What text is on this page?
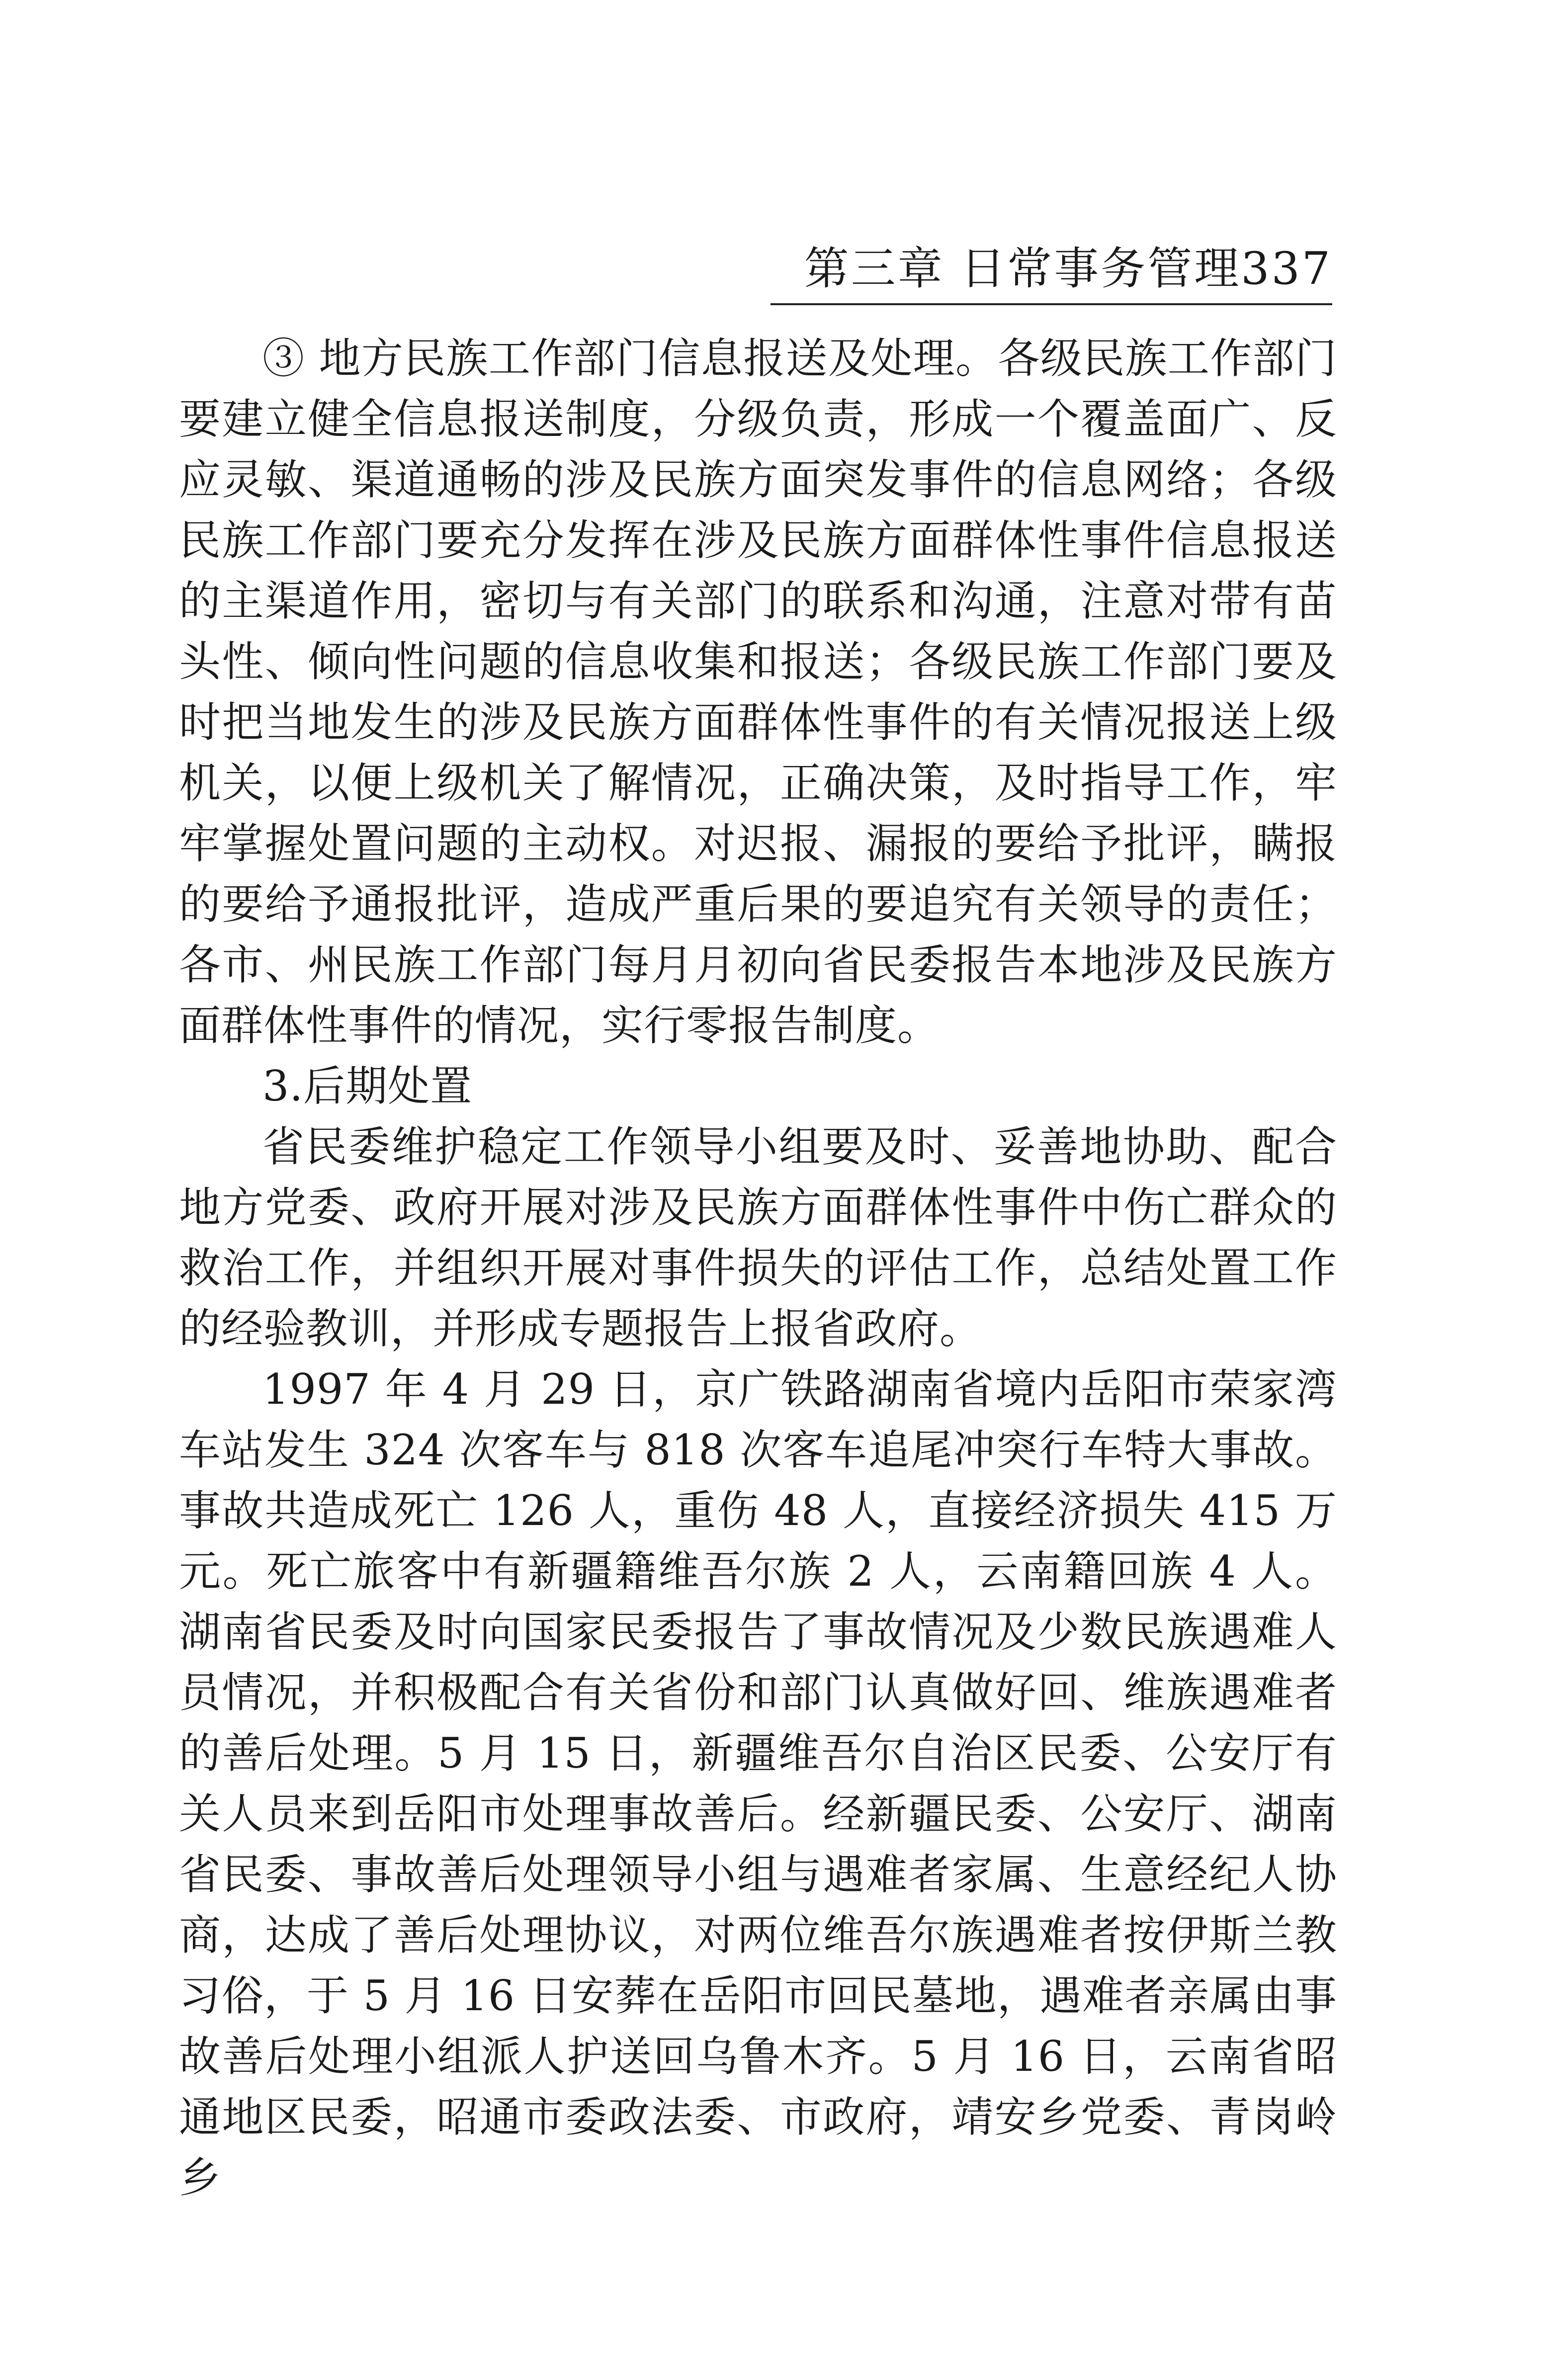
第三章 日常事务管理337

③ 地方民族工作部门信息报送及处理。各级民族工作部门要建立健全信息报送制度，分级负责，形成一个覆盖面广、反应灵敏、渠道通畅的涉及民族方面突发事件的信息网络；各级民族工作部门要充分发挥在涉及民族方面群体性事件信息报送的主渠道作用，密切与有关部门的联系和沟通，注意对带有苗头性、倾向性问题的信息收集和报送；各级民族工作部门要及时把当地发生的涉及民族方面群体性事件的有关情况报送上级机关，以便上级机关了解情况，正确决策，及时指导工作，牢牢掌握处置问题的主动权。对迟报、漏报的要给予批评，瞒报的要给予通报批评，造成严重后果的要追究有关领导的责任；各市、州民族工作部门每月月初向省民委报告本地涉及民族方面群体性事件的情况，实行零报告制度。

3.后期处置

省民委维护稳定工作领导小组要及时、妥善地协助、配合地方党委、政府开展对涉及民族方面群体性事件中伤亡群众的救治工作，并组织开展对事件损失的评估工作，总结处置工作的经验教训，并形成专题报告上报省政府。

1997 年 4 月 29 日，京广铁路湖南省境内岳阳市荣家湾车站发生 324 次客车与 818 次客车追尾冲突行车特大事故。事故共造成死亡 126 人，重伤 48 人，直接经济损失 415 万元。死亡旅客中有新疆籍维吾尔族 2 人，云南籍回族 4 人。湖南省民委及时向国家民委报告了事故情况及少数民族遇难人员情况，并积极配合有关省份和部门认真做好回、维族遇难者的善后处理。5 月 15 日，新疆维吾尔自治区民委、公安厅有关人员来到岳阳市处理事故善后。经新疆民委、公安厅、湖南省民委、事故善后处理领导小组与遇难者家属、生意经纪人协商，达成了善后处理协议，对两位维吾尔族遇难者按伊斯兰教习俗，于 5 月 16 日安葬在岳阳市回民墓地，遇难者亲属由事故善后处理小组派人护送回乌鲁木齐。5 月 16 日，云南省昭通地区民委，昭通市委政法委、市政府，靖安乡党委、青岗岭乡
